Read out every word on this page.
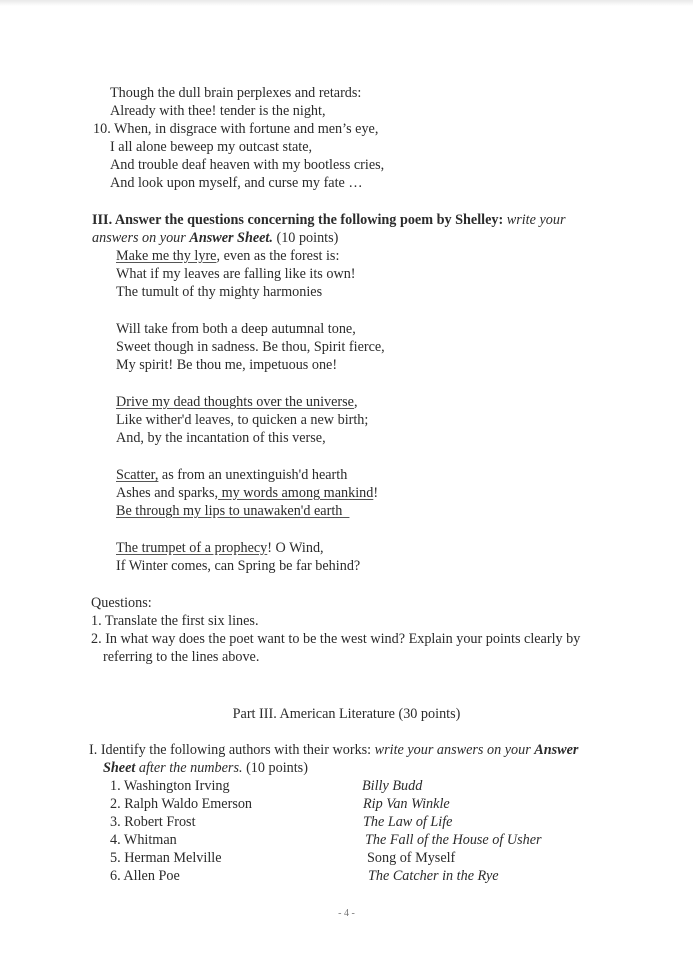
Though the dull brain perplexes and retards:
Already with thee! tender is the night,
10. When, in disgrace with fortune and men’s eye,
I all alone beweep my outcast state,
And trouble deaf heaven with my bootless cries,
And look upon myself, and curse my fate …
III. Answer the questions concerning the following poem by Shelley: write your
answers on your Answer Sheet. (10 points)
Make me thy lyre, even as the forest is:
What if my leaves are falling like its own!
The tumult of thy mighty harmonies
Will take from both a deep autumnal tone,
Sweet though in sadness. Be thou, Spirit fierce,
My spirit! Be thou me, impetuous one!
Drive my dead thoughts over the universe,
Like wither'd leaves, to quicken a new birth;
And, by the incantation of this verse,
Scatter, as from an unextinguish'd hearth
Ashes and sparks, my words among mankind!
Be through my lips to unawaken'd earth
The trumpet of a prophecy! O Wind,
If Winter comes, can Spring be far behind?
Questions:
1. Translate the first six lines.
2. In what way does the poet want to be the west wind? Explain your points clearly by
referring to the lines above.
Part III. American Literature (30 points)
I. Identify the following authors with their works: write your answers on your Answer
Sheet after the numbers. (10 points)
1. Washington Irving
2. Ralph Waldo Emerson
3. Robert Frost
4. Whitman
5. Herman Melville
6. Allen Poe
Billy Budd
Rip Van Winkle
The Law of Life
The Fall of the House of Usher
Song of Myself
The Catcher in the Rye
- 4 -
